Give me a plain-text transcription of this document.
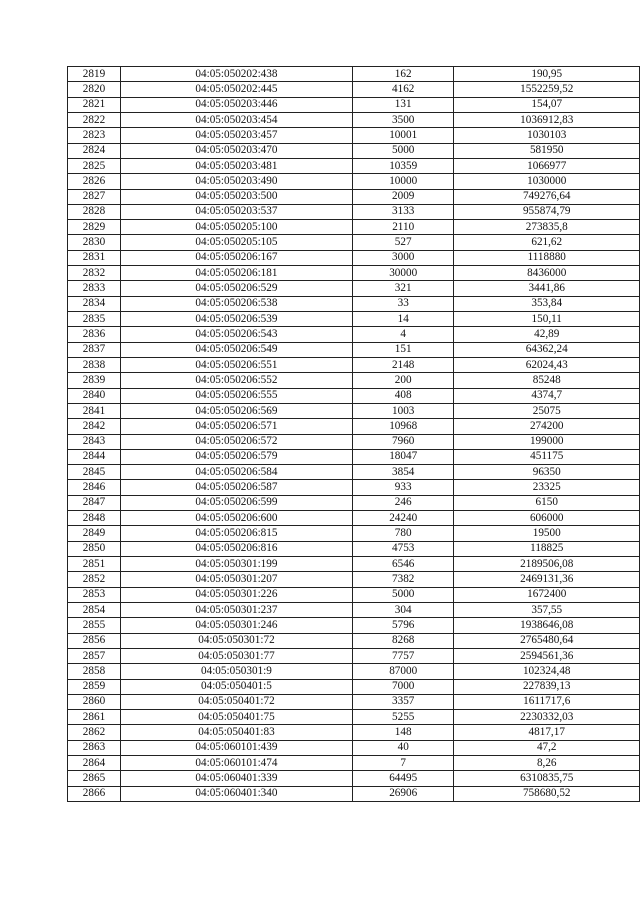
2819	04:05:050202:438	162	190,95
2820	04:05:050202:445	4162	1552259,52
2821	04:05:050203:446	131	154,07
2822	04:05:050203:454	3500	1036912,83
2823	04:05:050203:457	10001	1030103
2824	04:05:050203:470	5000	581950
2825	04:05:050203:481	10359	1066977
2826	04:05:050203:490	10000	1030000
2827	04:05:050203:500	2009	749276,64
2828	04:05:050203:537	3133	955874,79
2829	04:05:050205:100	2110	273835,8
2830	04:05:050205:105	527	621,62
2831	04:05:050206:167	3000	1118880
2832	04:05:050206:181	30000	8436000
2833	04:05:050206:529	321	3441,86
2834	04:05:050206:538	33	353,84
2835	04:05:050206:539	14	150,11
2836	04:05:050206:543	4	42,89
2837	04:05:050206:549	151	64362,24
2838	04:05:050206:551	2148	62024,43
2839	04:05:050206:552	200	85248
2840	04:05:050206:555	408	4374,7
2841	04:05:050206:569	1003	25075
2842	04:05:050206:571	10968	274200
2843	04:05:050206:572	7960	199000
2844	04:05:050206:579	18047	451175
2845	04:05:050206:584	3854	96350
2846	04:05:050206:587	933	23325
2847	04:05:050206:599	246	6150
2848	04:05:050206:600	24240	606000
2849	04:05:050206:815	780	19500
2850	04:05:050206:816	4753	118825
2851	04:05:050301:199	6546	2189506,08
2852	04:05:050301:207	7382	2469131,36
2853	04:05:050301:226	5000	1672400
2854	04:05:050301:237	304	357,55
2855	04:05:050301:246	5796	1938646,08
2856	04:05:050301:72	8268	2765480,64
2857	04:05:050301:77	7757	2594561,36
2858	04:05:050301:9	87000	102324,48
2859	04:05:050401:5	7000	227839,13
2860	04:05:050401:72	3357	1611717,6
2861	04:05:050401:75	5255	2230332,03
2862	04:05:050401:83	148	4817,17
2863	04:05:060101:439	40	47,2
2864	04:05:060101:474	7	8,26
2865	04:05:060401:339	64495	6310835,75
2866	04:05:060401:340	26906	758680,52
